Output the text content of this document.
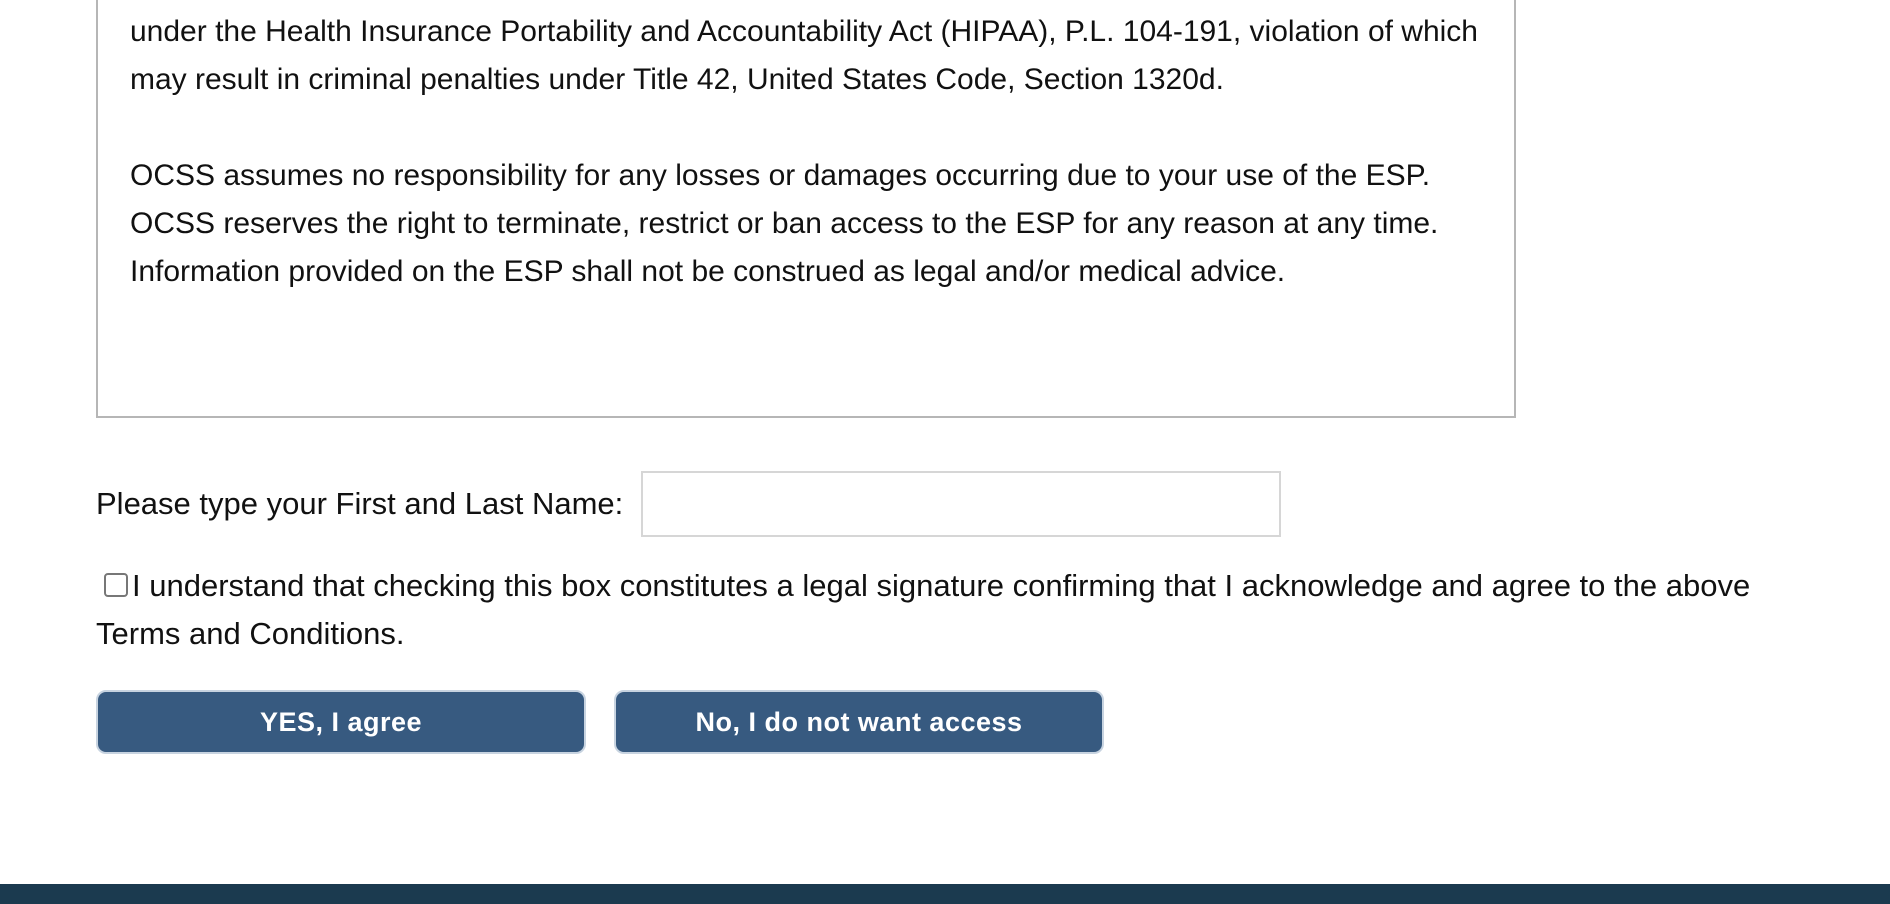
under the Health Insurance Portability and Accountability Act (HIPAA), P.L. 104-191, violation of which may result in criminal penalties under Title 42, United States Code, Section 1320d.

OCSS assumes no responsibility for any losses or damages occurring due to your use of the ESP. OCSS reserves the right to terminate, restrict or ban access to the ESP for any reason at any time. Information provided on the ESP shall not be construed as legal and/or medical advice.

Please type your First and Last Name:
I understand that checking this box constitutes a legal signature confirming that I acknowledge and agree to the above Terms and Conditions.
YES, I agree	No, I do not want access
